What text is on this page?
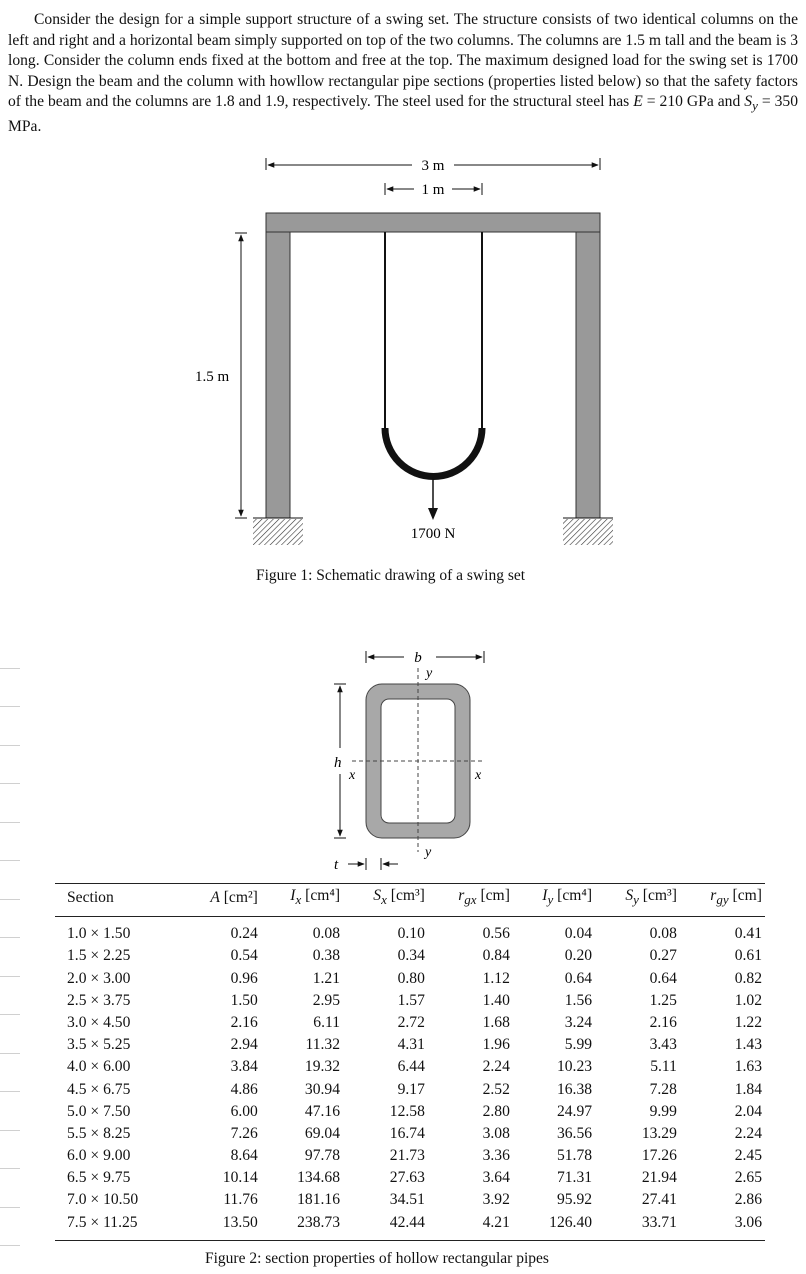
Consider the design for a simple support structure of a swing set. The structure consists of two identical columns on the left and right and a horizontal beam simply supported on top of the two columns. The columns are 1.5 m tall and the beam is 3 long. Consider the column ends fixed at the bottom and free at the top. The maximum designed load for the swing set is 1700 N. Design the beam and the column with howllow rectangular pipe sections (properties listed below) so that the safety factors of the beam and the columns are 1.8 and 1.9, respectively. The steel used for the structural steel has E = 210 GPa and $S_y = 350$ MPa.

3 m
1 m
1.5 m
1700 N
b
y
x	x
y
h
t
Figure 1: Schematic drawing of a swing set
Section	A [cm²]	$I_x$ [cm⁴]	$S_x$ [cm³]	$r_{gx}$ [cm]	$I_y$ [cm⁴]	$S_y$ [cm³]	$r_{gy}$ [cm]
1.0 × 1.50	0.24	0.08	0.10	0.56	0.04	0.08	0.41
1.5 × 2.25	0.54	0.38	0.34	0.84	0.20	0.27	0.61
2.0 × 3.00	0.96	1.21	0.80	1.12	0.64	0.64	0.82
2.5 × 3.75	1.50	2.95	1.57	1.40	1.56	1.25	1.02
3.0 × 4.50	2.16	6.11	2.72	1.68	3.24	2.16	1.22
3.5 × 5.25	2.94	11.32	4.31	1.96	5.99	3.43	1.43
4.0 × 6.00	3.84	19.32	6.44	2.24	10.23	5.11	1.63
4.5 × 6.75	4.86	30.94	9.17	2.52	16.38	7.28	1.84
5.0 × 7.50	6.00	47.16	12.58	2.80	24.97	9.99	2.04
5.5 × 8.25	7.26	69.04	16.74	3.08	36.56	13.29	2.24
6.0 × 9.00	8.64	97.78	21.73	3.36	51.78	17.26	2.45
6.5 × 9.75	10.14	134.68	27.63	3.64	71.31	21.94	2.65
7.0 × 10.50	11.76	181.16	34.51	3.92	95.92	27.41	2.86
7.5 × 11.25	13.50	238.73	42.44	4.21	126.40	33.71	3.06
Figure 2: section properties of hollow rectangular pipes
